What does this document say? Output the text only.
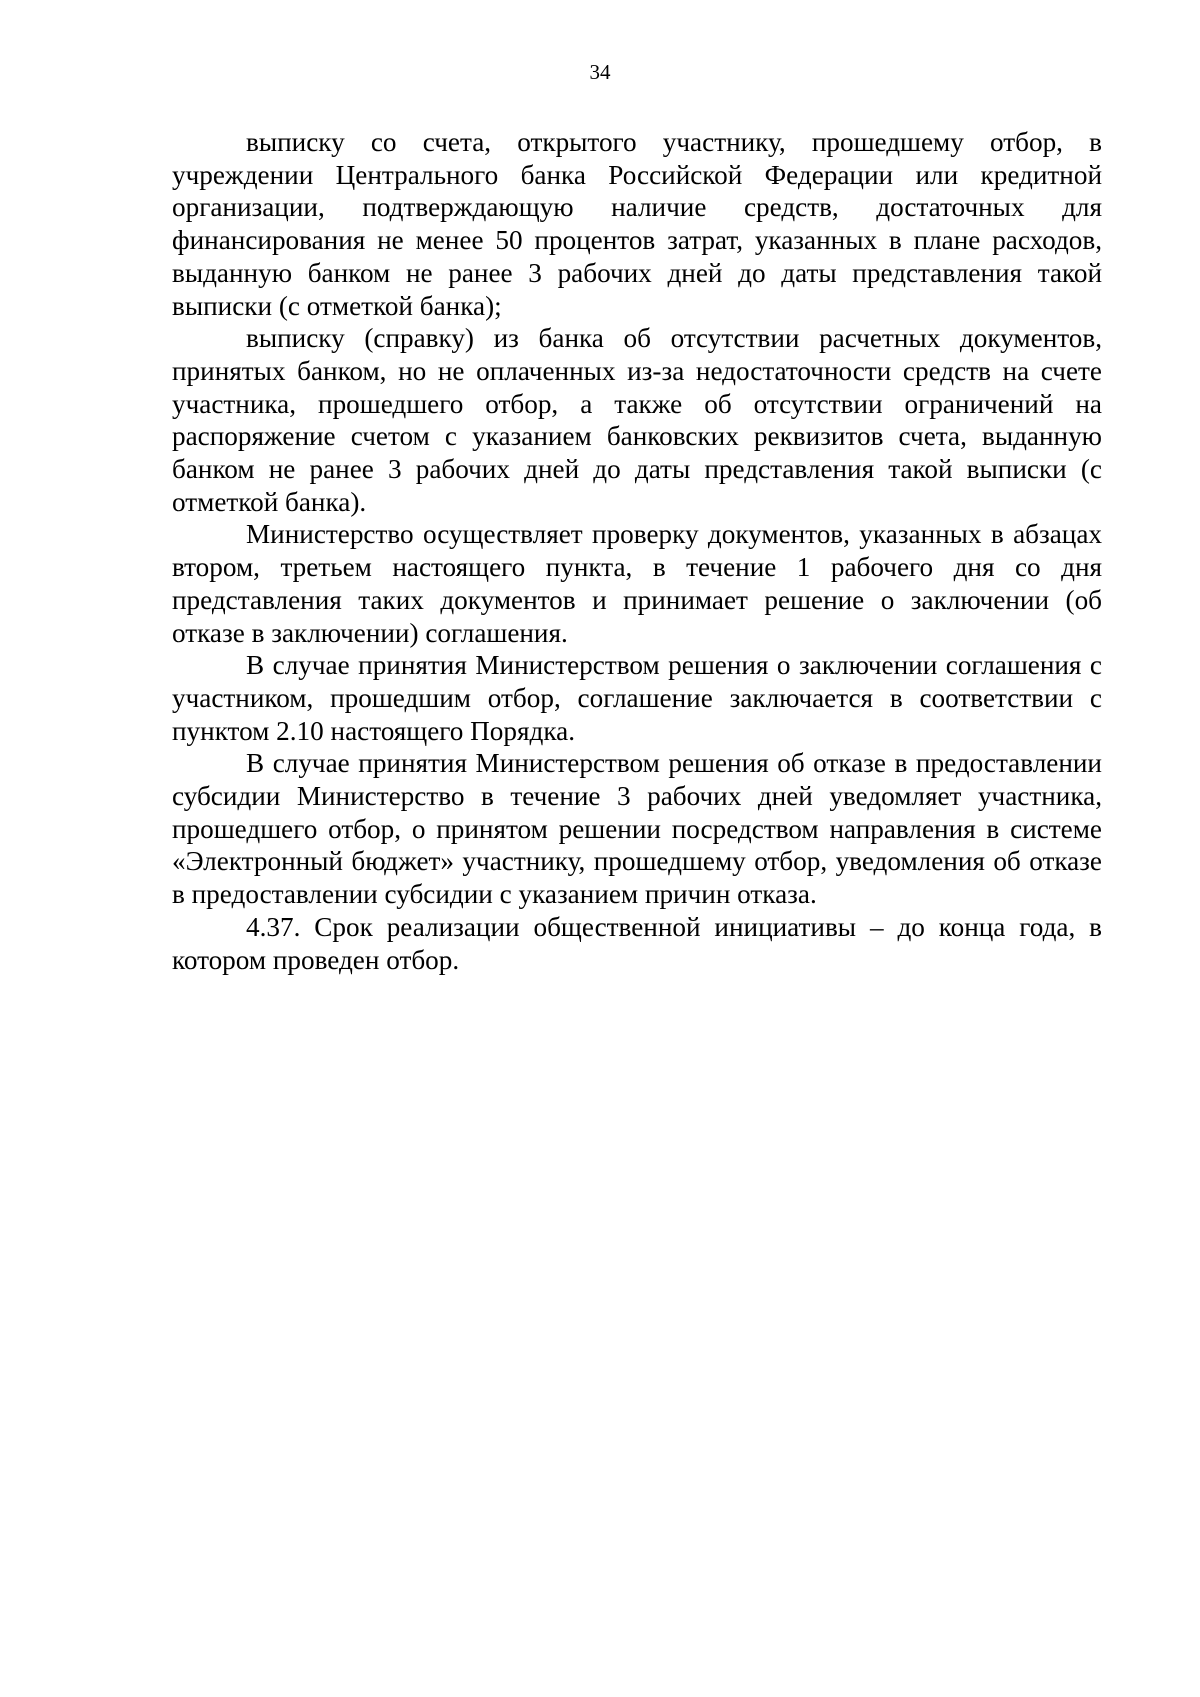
34

выписку со счета, открытого участнику, прошедшему отбор, в учреждении Центрального банка Российской Федерации или кредитной организации, подтверждающую наличие средств, достаточных для финансирования не менее 50 процентов затрат, указанных в плане расходов, выданную банком не ранее 3 рабочих дней до даты представления такой выписки (с отметкой банка);

выписку (справку) из банка об отсутствии расчетных документов, принятых банком, но не оплаченных из-за недостаточности средств на счете участника, прошедшего отбор, а также об отсутствии ограничений на распоряжение счетом с указанием банковских реквизитов счета, выданную банком не ранее 3 рабочих дней до даты представления такой выписки (с отметкой банка).

Министерство осуществляет проверку документов, указанных в абзацах втором, третьем настоящего пункта, в течение 1 рабочего дня со дня представления таких документов и принимает решение о заключении (об отказе в заключении) соглашения.

В случае принятия Министерством решения о заключении соглашения с участником, прошедшим отбор, соглашение заключается в соответствии с пунктом 2.10 настоящего Порядка.

В случае принятия Министерством решения об отказе в предоставлении субсидии Министерство в течение 3 рабочих дней уведомляет участника, прошедшего отбор, о принятом решении посредством направления в системе «Электронный бюджет» участнику, прошедшему отбор, уведомления об отказе в предоставлении субсидии с указанием причин отказа.

4.37. Срок реализации общественной инициативы – до конца года, в котором проведен отбор.
